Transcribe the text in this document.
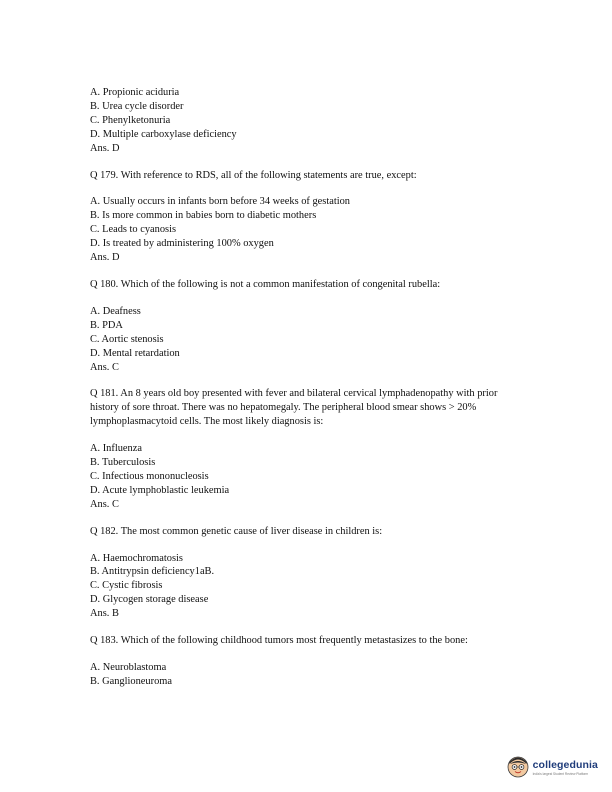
A. Propionic aciduria
B. Urea cycle disorder
C. Phenylketonuria
D. Multiple carboxylase deficiency
Ans. D
Q 179. With reference to RDS, all of the following statements are true, except:
A. Usually occurs in infants born before 34 weeks of gestation
B. Is more common in babies born to diabetic mothers
C. Leads to cyanosis
D. Is treated by administering 100% oxygen
Ans. D
Q 180. Which of the following is not a common manifestation of congenital rubella:
A. Deafness
B. PDA
C. Aortic stenosis
D. Mental retardation
Ans. C
Q 181. An 8 years old boy presented with fever and bilateral cervical lymphadenopathy with prior history of sore throat. There was no hepatomegaly. The peripheral blood smear shows > 20% lymphoplasmacytoid cells. The most likely diagnosis is:
A. Influenza
B. Tuberculosis
C. Infectious mononucleosis
D. Acute lymphoblastic leukemia
Ans. C
Q 182. The most common genetic cause of liver disease in children is:
A. Haemochromatosis
B. Antitrypsin deficiency1aB.
C. Cystic fibrosis
D. Glycogen storage disease
Ans. B
Q 183. Which of the following childhood tumors most frequently metastasizes to the bone:
A. Neuroblastoma
B. Ganglioneuroma
collegedunia
India's largest Student Review Platform
